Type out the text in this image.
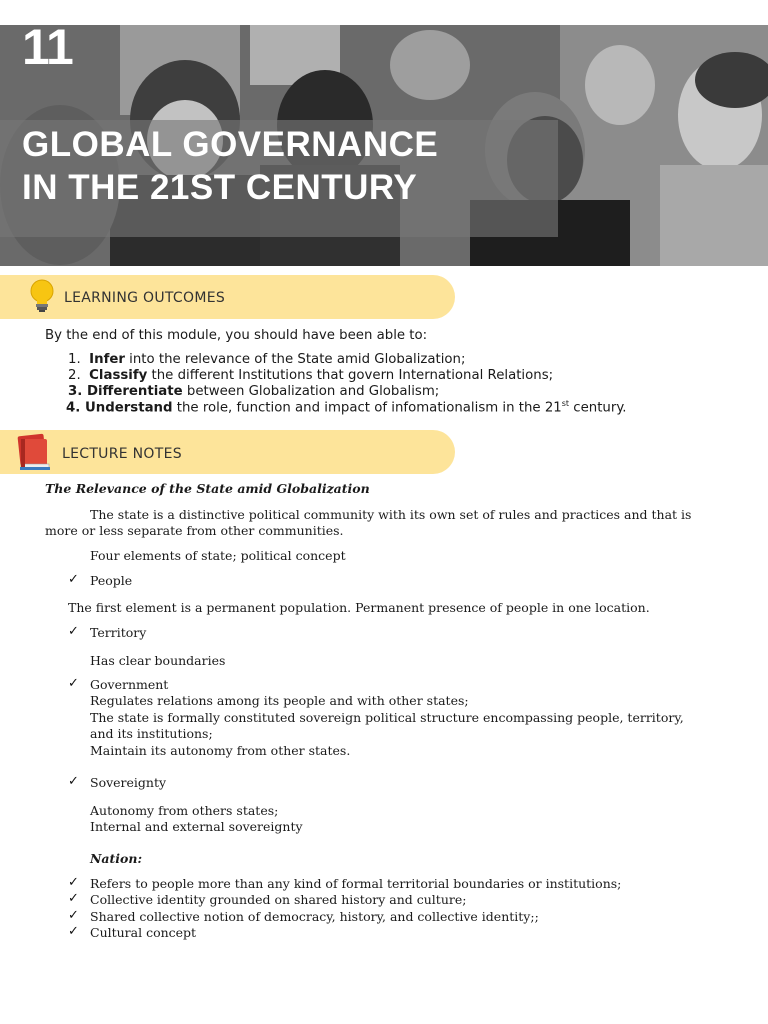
11
GLOBAL GOVERNANCE
IN THE 21ST CENTURY
LEARNING OUTCOMES
By the end of this module, you should have been able to:
1. Infer into the relevance of the State amid Globalization;
2. Classify the different Institutions that govern International Relations;
3. Differentiate between Globalization and Globalism;
4. Understand the role, function and impact of infomationalism in the 21st century.
LECTURE NOTES
The Relevance of the State amid Globalization
The state is a distinctive political community with its own set of rules and practices and that is
more or less separate from other communities.
Four elements of state; political concept
✓ People
The first element is a permanent population. Permanent presence of people in one location.
✓ Territory
Has clear boundaries
✓ Government
Regulates relations among its people and with other states;
The state is formally constituted sovereign political structure encompassing people, territory,
and its institutions;
Maintain its autonomy from other states.
✓ Sovereignty
Autonomy from others states;
Internal and external sovereignty
Nation:
✓ Refers to people more than any kind of formal territorial boundaries or institutions;
✓ Collective identity grounded on shared history and culture;
✓ Shared collective notion of democracy, history, and collective identity;;
✓ Cultural concept
